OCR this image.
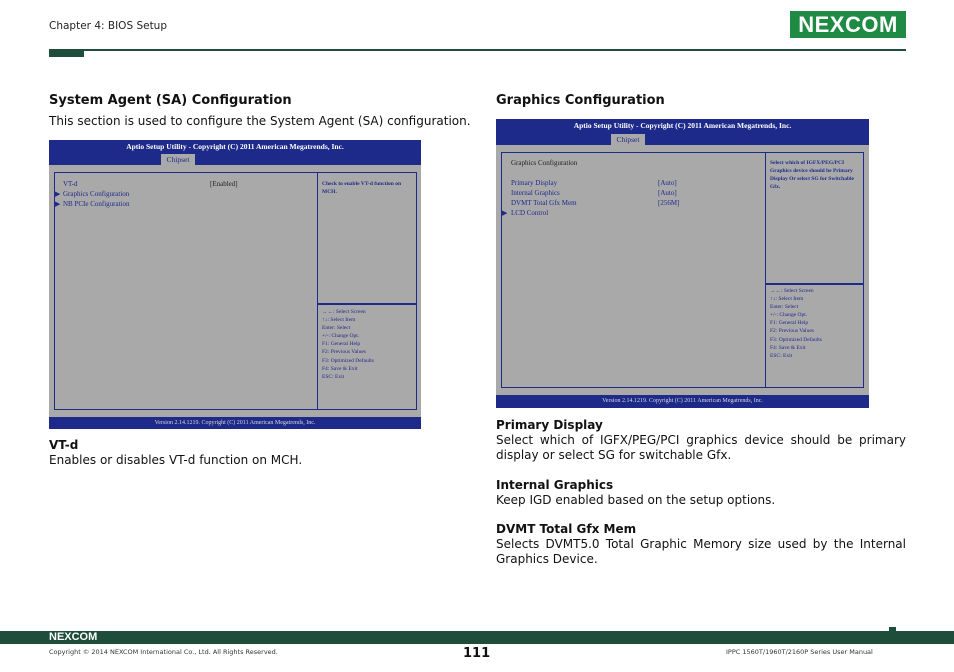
Chapter 4: BIOS Setup	NEXCOM
System Agent (SA) Configuration
This section is used to configure the System Agent (SA) configuration.
Aptio Setup Utility - Copyright (C) 2011 American Megatrends, Inc.
Chipset
VT-d	[Enabled]
▶ Graphics Configuration
▶ NB PCIe Configuration
Check to enable VT-d function on MCH.
→←: Select Screen
↑↓: Select Item
Enter: Select
+/-: Change Opt.
F1: General Help
F2: Previous Values
F3: Optimized Defaults
F4: Save & Exit
ESC: Exit
Version 2.14.1219. Copyright (C) 2011 American Megatrends, Inc.
VT-d
Enables or disables VT-d function on MCH.
Graphics Configuration
Aptio Setup Utility - Copyright (C) 2011 American Megatrends, Inc.
Chipset
Graphics Configuration
Primary Display	[Auto]
Internal Graphics	[Auto]
DVMT Total Gfx Mem	[256M]
▶ LCD Control
Select which of IGFX/PEG/PCI Graphics device should be Primary Display Or select SG for Switchable Gfx.
→←: Select Screen
↑↓: Select Item
Enter: Select
+/-: Change Opt.
F1: General Help
F2: Previous Values
F3: Optimized Defaults
F4: Save & Exit
ESC: Exit
Version 2.14.1219. Copyright (C) 2011 American Megatrends, Inc.
Primary Display
Select which of IGFX/PEG/PCI graphics device should be primary display or select SG for switchable Gfx.
Internal Graphics
Keep IGD enabled based on the setup options.
DVMT Total Gfx Mem
Selects DVMT5.0 Total Graphic Memory size used by the Internal Graphics Device.
NEXCOM
Copyright © 2014 NEXCOM International Co., Ltd. All Rights Reserved.	111	IPPC 1560T/1960T/2160P Series User Manual
